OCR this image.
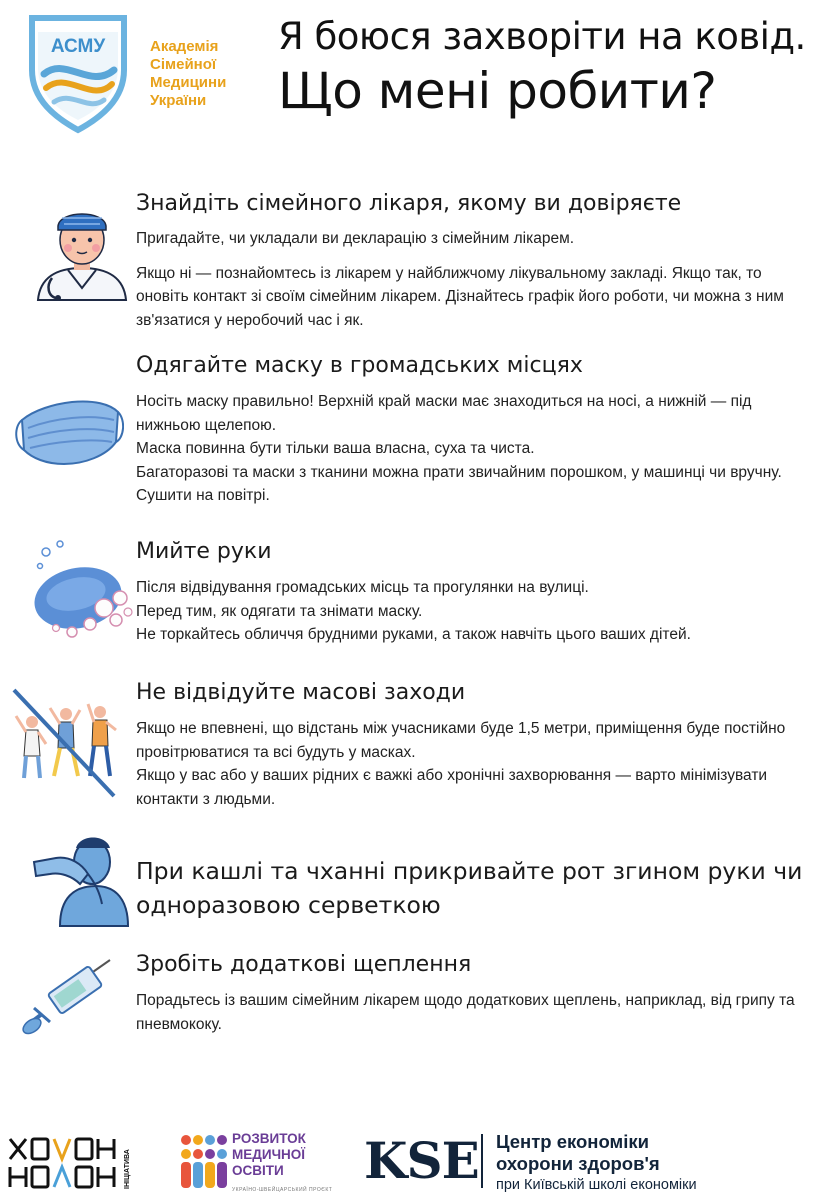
АСМУ	Академія
Сімейної
Медицини
України
Я боюся захворіти на ковід.
Що мені робити?
Знайдіть сімейного лікаря, якому ви довіряєте

Пригадайте, чи укладали ви декларацію з сімейним лікарем.

Якщо ні — познайомтесь із лікарем у найближчому лікувальному закладі. Якщо так, то оновіть контакт зі своїм сімейним лікарем. Дізнайтесь графік його роботи, чи можна з ним зв'язатися у неробочий час і як.

Одягайте маску в громадських місцях

Носіть маску правильно! Верхній край маски має знаходиться на носі, а нижній — під нижньою щелепою.

Маска повинна бути тільки ваша власна, суха та чиста.

Багаторазові та маски з тканини можна прати звичайним порошком, у машинці чи вручну. Сушити на повітрі.

Мийте руки

Після відвідування громадських місць та прогулянки на вулиці.

Перед тим, як одягати та знімати маску.

Не торкайтесь обличчя брудними руками, а також навчіть цього ваших дітей.

Не відвідуйте масові заходи

Якщо не впевнені, що відстань між учасниками буде 1,5 метри, приміщення буде постійно провітрюватися та всі будуть у масках.

Якщо у вас або у ваших рідних є важкі або хронічні захворювання — варто мінімізувати контакти з людьми.

При кашлі та чханні прикривайте рот згином руки чи одноразовою серветкою
Зробіть додаткові щеплення

Порадьтесь із вашим сімейним лікарем щодо додаткових щеплень, наприклад, від грипу та пневмококу.

ІНІЦІАТИВА
РОЗВИТОК
МЕДИЧНОЇ
ОСВІТИ
УКРАЇНО-ШВЕЙЦАРСЬКИЙ ПРОЄКТ KSE Центр економіки
охорони здоров'я
при Київській школі економіки
